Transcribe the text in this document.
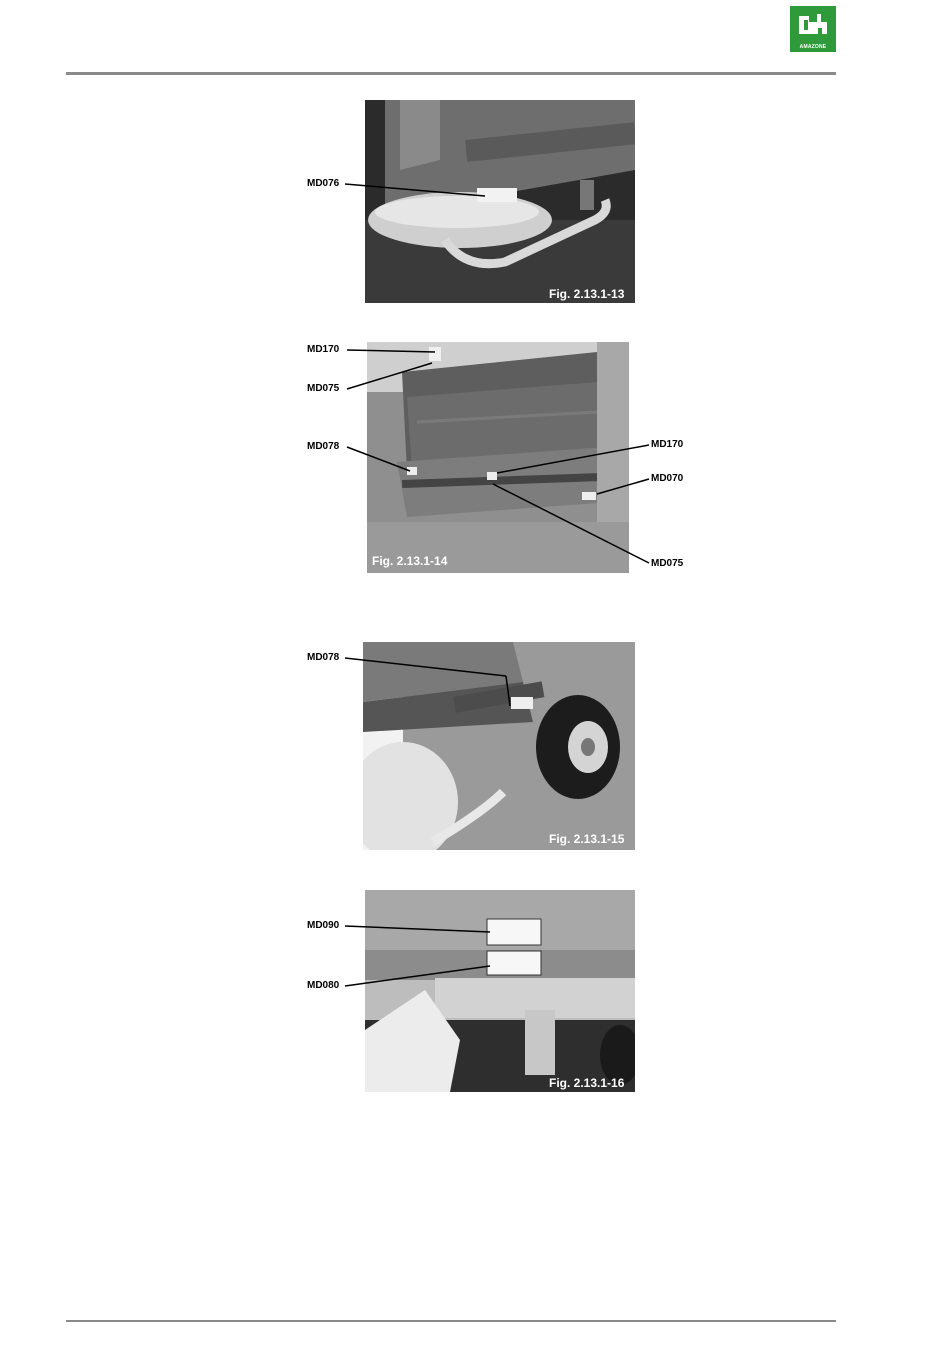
AMAZONE
Fig. 2.13.1-13
MD076
Fig. 2.13.1-14
MD170
MD075
MD078	MD170
MD070
MD075
Fig. 2.13.1-15
MD078
Fig. 2.13.1-16
MD090
MD080
